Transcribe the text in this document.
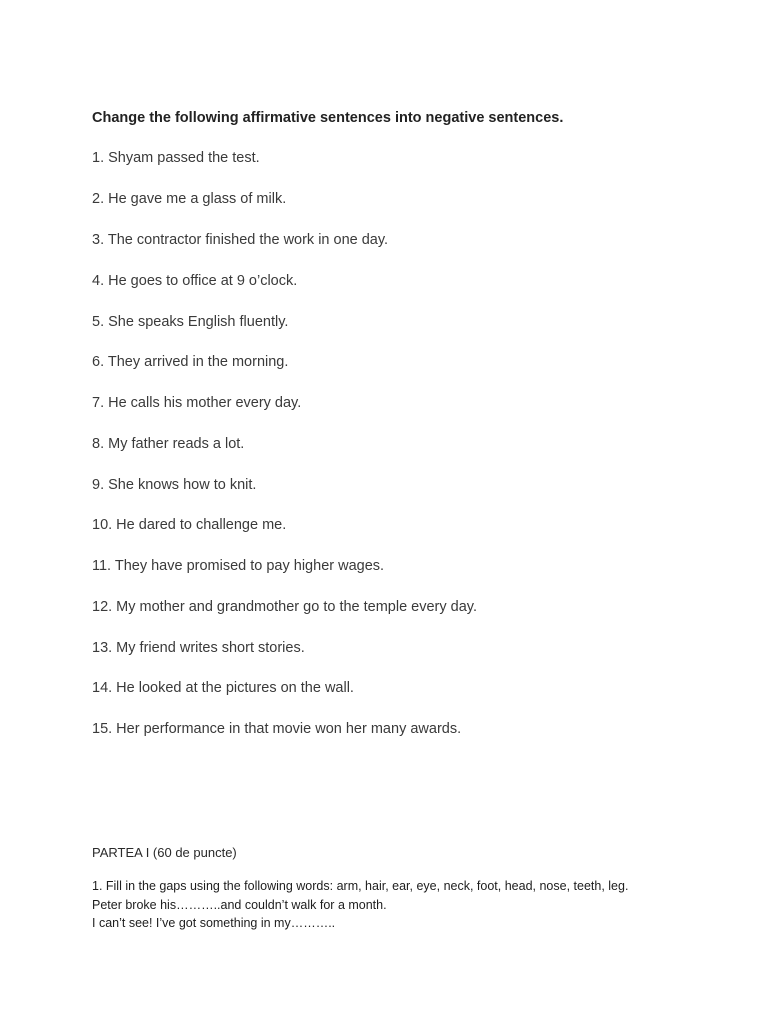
Change the following affirmative sentences into negative sentences.
1. Shyam passed the test.
2. He gave me a glass of milk.
3. The contractor finished the work in one day.
4. He goes to office at 9 o’clock.
5. She speaks English fluently.
6. They arrived in the morning.
7. He calls his mother every day.
8. My father reads a lot.
9. She knows how to knit.
10. He dared to challenge me.
11. They have promised to pay higher wages.
12. My mother and grandmother go to the temple every day.
13. My friend writes short stories.
14. He looked at the pictures on the wall.
15. Her performance in that movie won her many awards.
PARTEA I (60 de puncte)
1. Fill in the gaps using the following words: arm, hair, ear, eye, neck, foot, head, nose, teeth, leg.
Peter broke his………..and couldn’t walk for a month.
I can’t see! I’ve got something in my………..
